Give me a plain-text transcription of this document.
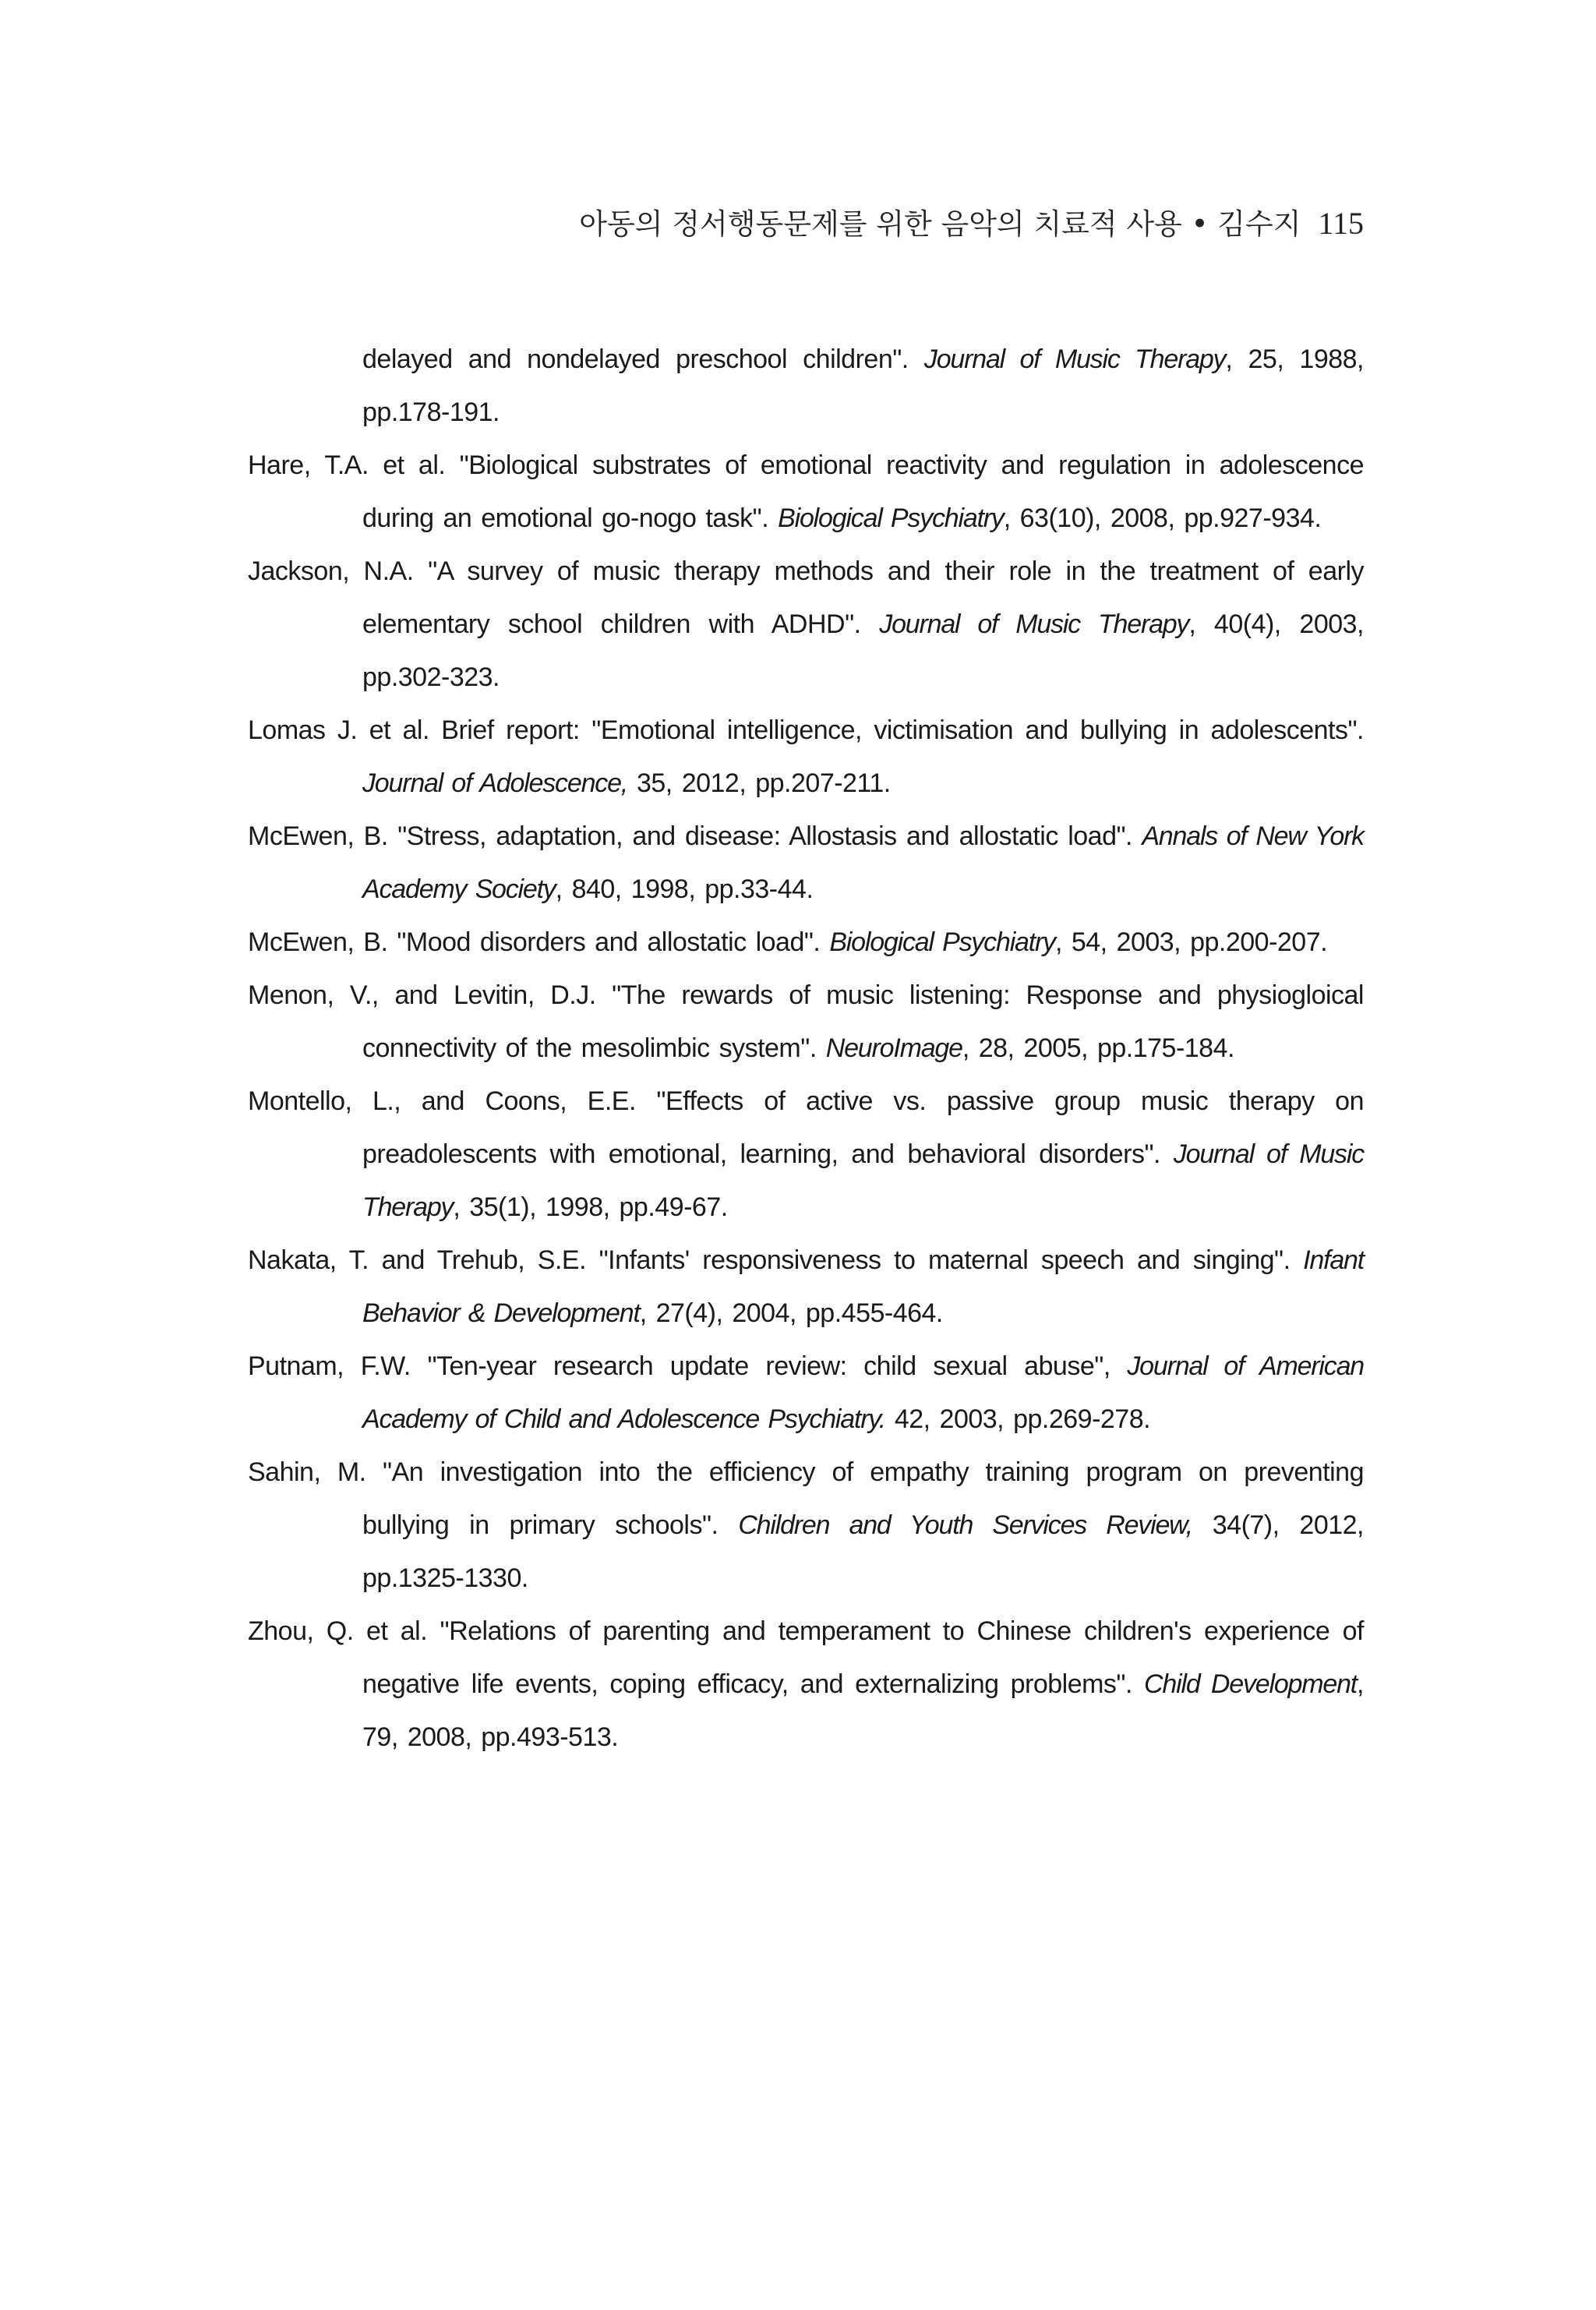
아동의 정서행동문제를 위한 음악의 치료적 사용 • 김수지 115
delayed and nondelayed preschool children". Journal of Music Therapy, 25, 1988, pp.178-191.
Hare, T.A. et al. "Biological substrates of emotional reactivity and regulation in adolescence during an emotional go-nogo task". Biological Psychiatry, 63(10), 2008, pp.927-934.
Jackson, N.A. "A survey of music therapy methods and their role in the treatment of early elementary school children with ADHD". Journal of Music Therapy, 40(4), 2003, pp.302-323.
Lomas J. et al. Brief report: "Emotional intelligence, victimisation and bullying in adolescents". Journal of Adolescence, 35, 2012, pp.207-211.
McEwen, B. "Stress, adaptation, and disease: Allostasis and allostatic load". Annals of New York Academy Society, 840, 1998, pp.33-44.
McEwen, B. "Mood disorders and allostatic load". Biological Psychiatry, 54, 2003, pp.200-207.
Menon, V., and Levitin, D.J. "The rewards of music listening: Response and physiogloical connectivity of the mesolimbic system". NeuroImage, 28, 2005, pp.175-184.
Montello, L., and Coons, E.E. "Effects of active vs. passive group music therapy on preadolescents with emotional, learning, and behavioral disorders". Journal of Music Therapy, 35(1), 1998, pp.49-67.
Nakata, T. and Trehub, S.E. "Infants' responsiveness to maternal speech and singing". Infant Behavior & Development, 27(4), 2004, pp.455-464.
Putnam, F.W. "Ten-year research update review: child sexual abuse", Journal of American Academy of Child and Adolescence Psychiatry. 42, 2003, pp.269-278.
Sahin, M. "An investigation into the efficiency of empathy training program on preventing bullying in primary schools". Children and Youth Services Review, 34(7), 2012, pp.1325-1330.
Zhou, Q. et al. "Relations of parenting and temperament to Chinese children's experience of negative life events, coping efficacy, and externalizing problems". Child Development, 79, 2008, pp.493-513.
